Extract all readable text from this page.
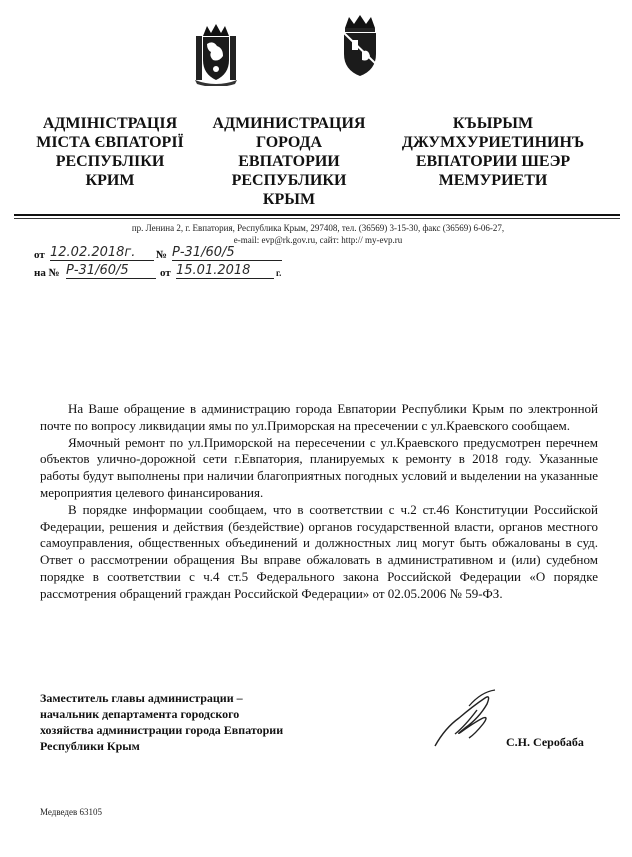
АДМІНІСТРАЦІЯ
МІСТА ЄВПАТОРІЇ
РЕСПУБЛІКИ
КРИМ
АДМИНИСТРАЦИЯ
ГОРОДА
ЕВПАТОРИИ
РЕСПУБЛИКИ
КРЫМ
КЪЫРЫМ
ДЖУМХУРИЕТИНИНЪ
ЕВПАТОРИИ ШЕЭР
МЕМУРИЕТИ
пр. Ленина 2, г. Евпатория, Республика Крым, 297408, тел. (36569) 3-15-30, факс (36569) 6-06-27,
e-mail: evp@rk.gov.ru, сайт: http:// my-evp.ru
от 12.02.2018г.	№ Р-31/60/5
на № Р-31/60/5	от 15.01.2018	г.

На Ваше обращение в администрацию города Евпатории Республики Крым по электронной почте по вопросу ликвидации ямы по ул.Приморская на пресечении с ул.Краевского сообщаем.

Ямочный ремонт по ул.Приморской на пересечении с ул.Краевского предусмотрен перечнем объектов улично-дорожной сети г.Евпатория, планируемых к ремонту в 2018 году. Указанные работы будут выполнены при наличии благоприятных погодных условий и выделении на указанные мероприятия целевого финансирования.

В порядке информации сообщаем, что в соответствии с ч.2 ст.46 Конституции Российской Федерации, решения и действия (бездействие) органов государственной власти, органов местного самоуправления, общественных объединений и должностных лиц могут быть обжалованы в суд. Ответ о рассмотрении обращения Вы вправе обжаловать в административном и (или) судебном порядке в соответствии с ч.4 ст.5 Федерального закона Российской Федерации «О порядке рассмотрения обращений граждан Российской Федерации» от 02.05.2006 № 59-ФЗ.

Заместитель главы администрации –
начальник департамента городского
хозяйства администрации города Евпатории
Республики Крым	С.Н. Серобаба
Медведев 63105
